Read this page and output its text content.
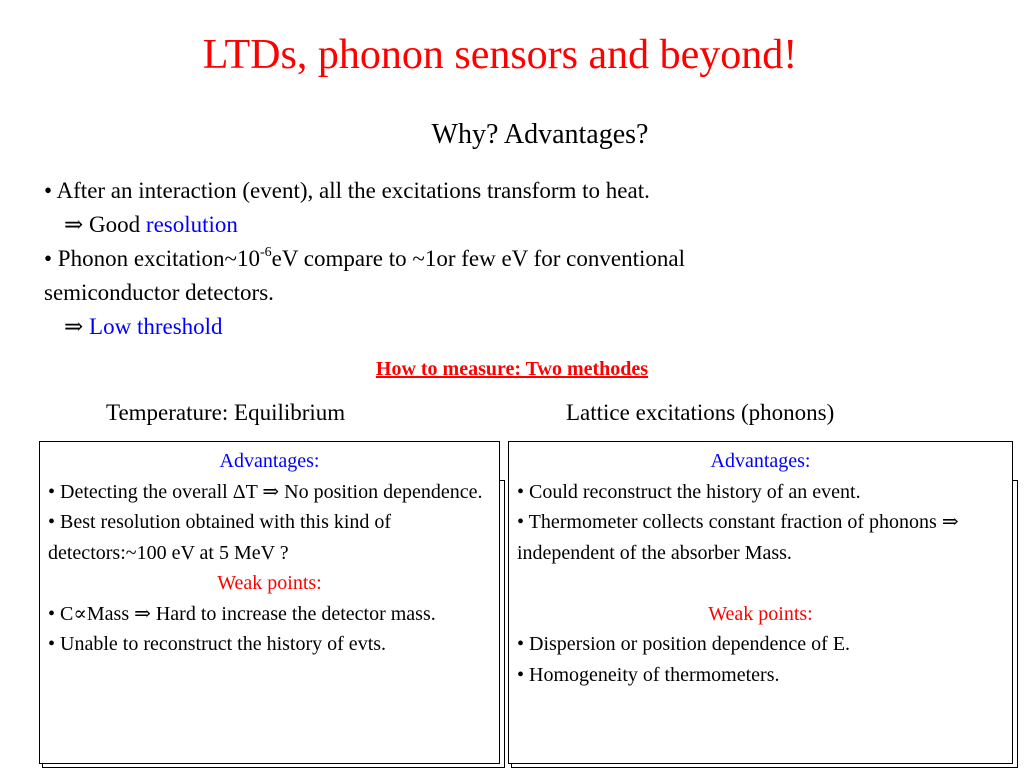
LTDs, phonon sensors and beyond!
Why? Advantages?

• After an interaction (event), all the excitations transform to heat.

⇒ Good resolution

• Phonon $excitation\sim 10^{-6}eV$ compare to ~1or few eV for conventional

semiconductor detectors.

⇒ Low threshold

How to measure: Two methodes
Temperature: Equilibrium	Lattice excitations (phonons)

Advantages:

• Detecting the overall ΔT ⇒ No position dependence.

• Best resolution obtained with this kind of detectors:~100 eV at 5 MeV ?

Weak points:

• C∝Mass ⇒ Hard to increase the detector mass.

• Unable to reconstruct the history of evts.

Advantages:

• Could reconstruct the history of an event.

• Thermometer collects constant fraction of phonons ⇒ independent of the absorber Mass.

Weak points:

• Dispersion or position dependence of E.

• Homogeneity of thermometers.
